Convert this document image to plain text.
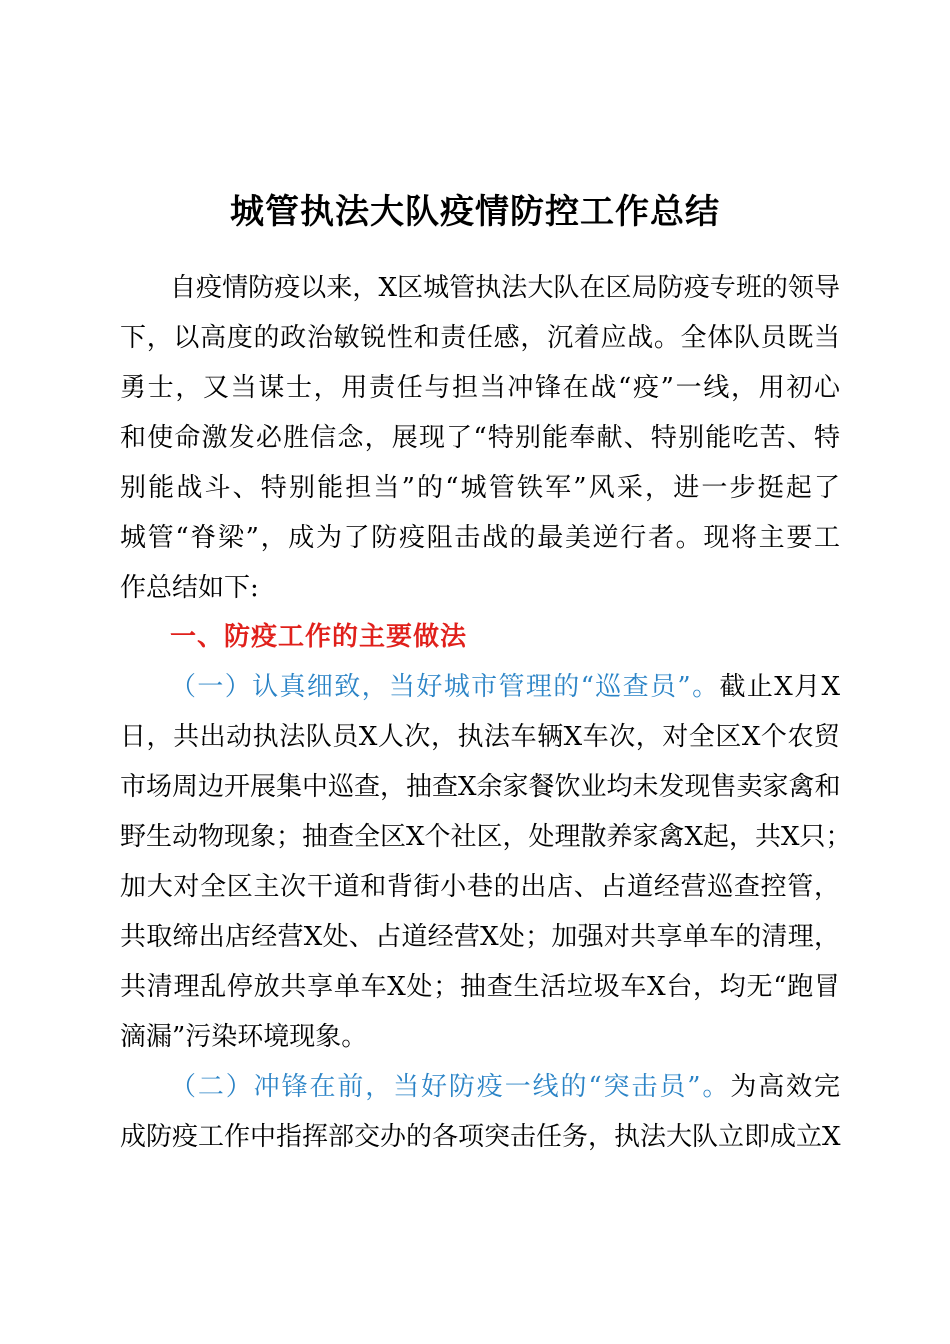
城管执法大队疫情防控工作总结
自疫情防疫以来，X区城管执法大队在区局防疫专班的领导
下，以高度的政治敏锐性和责任感，沉着应战。全体队员既当
勇士，又当谋士，用责任与担当冲锋在战“疫”一线，用初心
和使命激发必胜信念，展现了“特别能奉献、特别能吃苦、特
别能战斗、特别能担当”的“城管铁军”风采，进一步挺起了
城管“脊梁”，成为了防疫阻击战的最美逆行者。现将主要工
作总结如下:
一、防疫工作的主要做法
（一）认真细致，当好城市管理的“巡查员”。截止X月X
日，共出动执法队员X人次，执法车辆X车次，对全区X个农贸
市场周边开展集中巡查，抽查X余家餐饮业均未发现售卖家禽和
野生动物现象；抽查全区X个社区，处理散养家禽X起，共X只；
加大对全区主次干道和背街小巷的出店、占道经营巡查控管，
共取缔出店经营X处、占道经营X处；加强对共享单车的清理，
共清理乱停放共享单车X处；抽查生活垃圾车X台，均无“跑冒
滴漏”污染环境现象。
（二）冲锋在前，当好防疫一线的“突击员”。为高效完
成防疫工作中指挥部交办的各项突击任务，执法大队立即成立X
